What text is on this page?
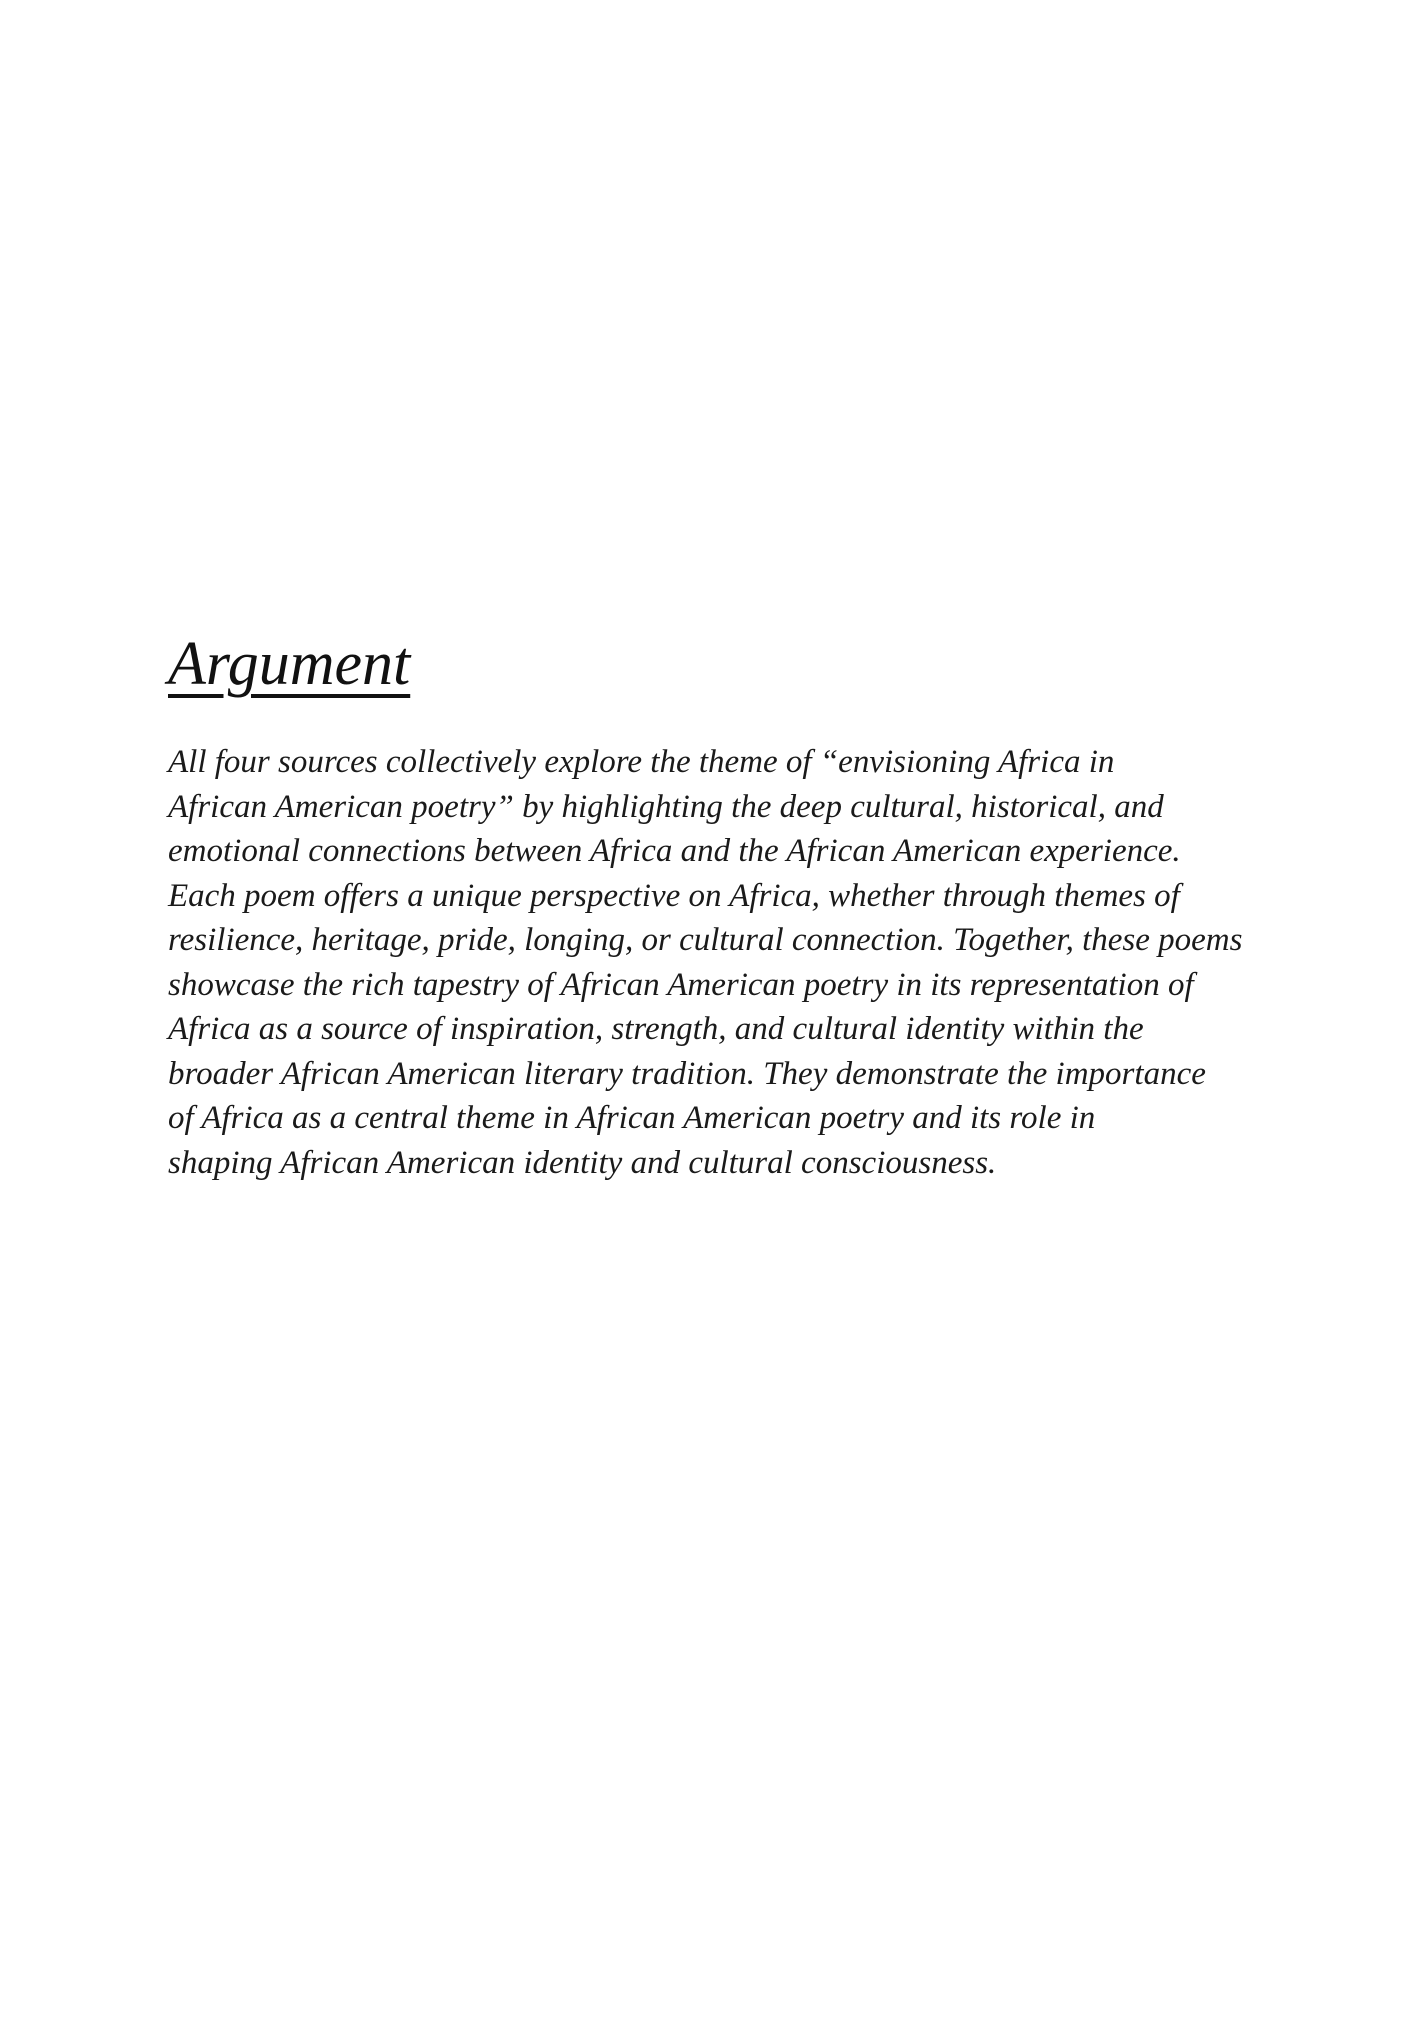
Argument

All four sources collectively explore the theme of “envisioning Africa in
African American poetry” by highlighting the deep cultural, historical, and
emotional connections between Africa and the African American experience.
Each poem offers a unique perspective on Africa, whether through themes of
resilience, heritage, pride, longing, or cultural connection. Together, these poems
showcase the rich tapestry of African American poetry in its representation of
Africa as a source of inspiration, strength, and cultural identity within the
broader African American literary tradition. They demonstrate the importance
of Africa as a central theme in African American poetry and its role in
shaping African American identity and cultural consciousness.
